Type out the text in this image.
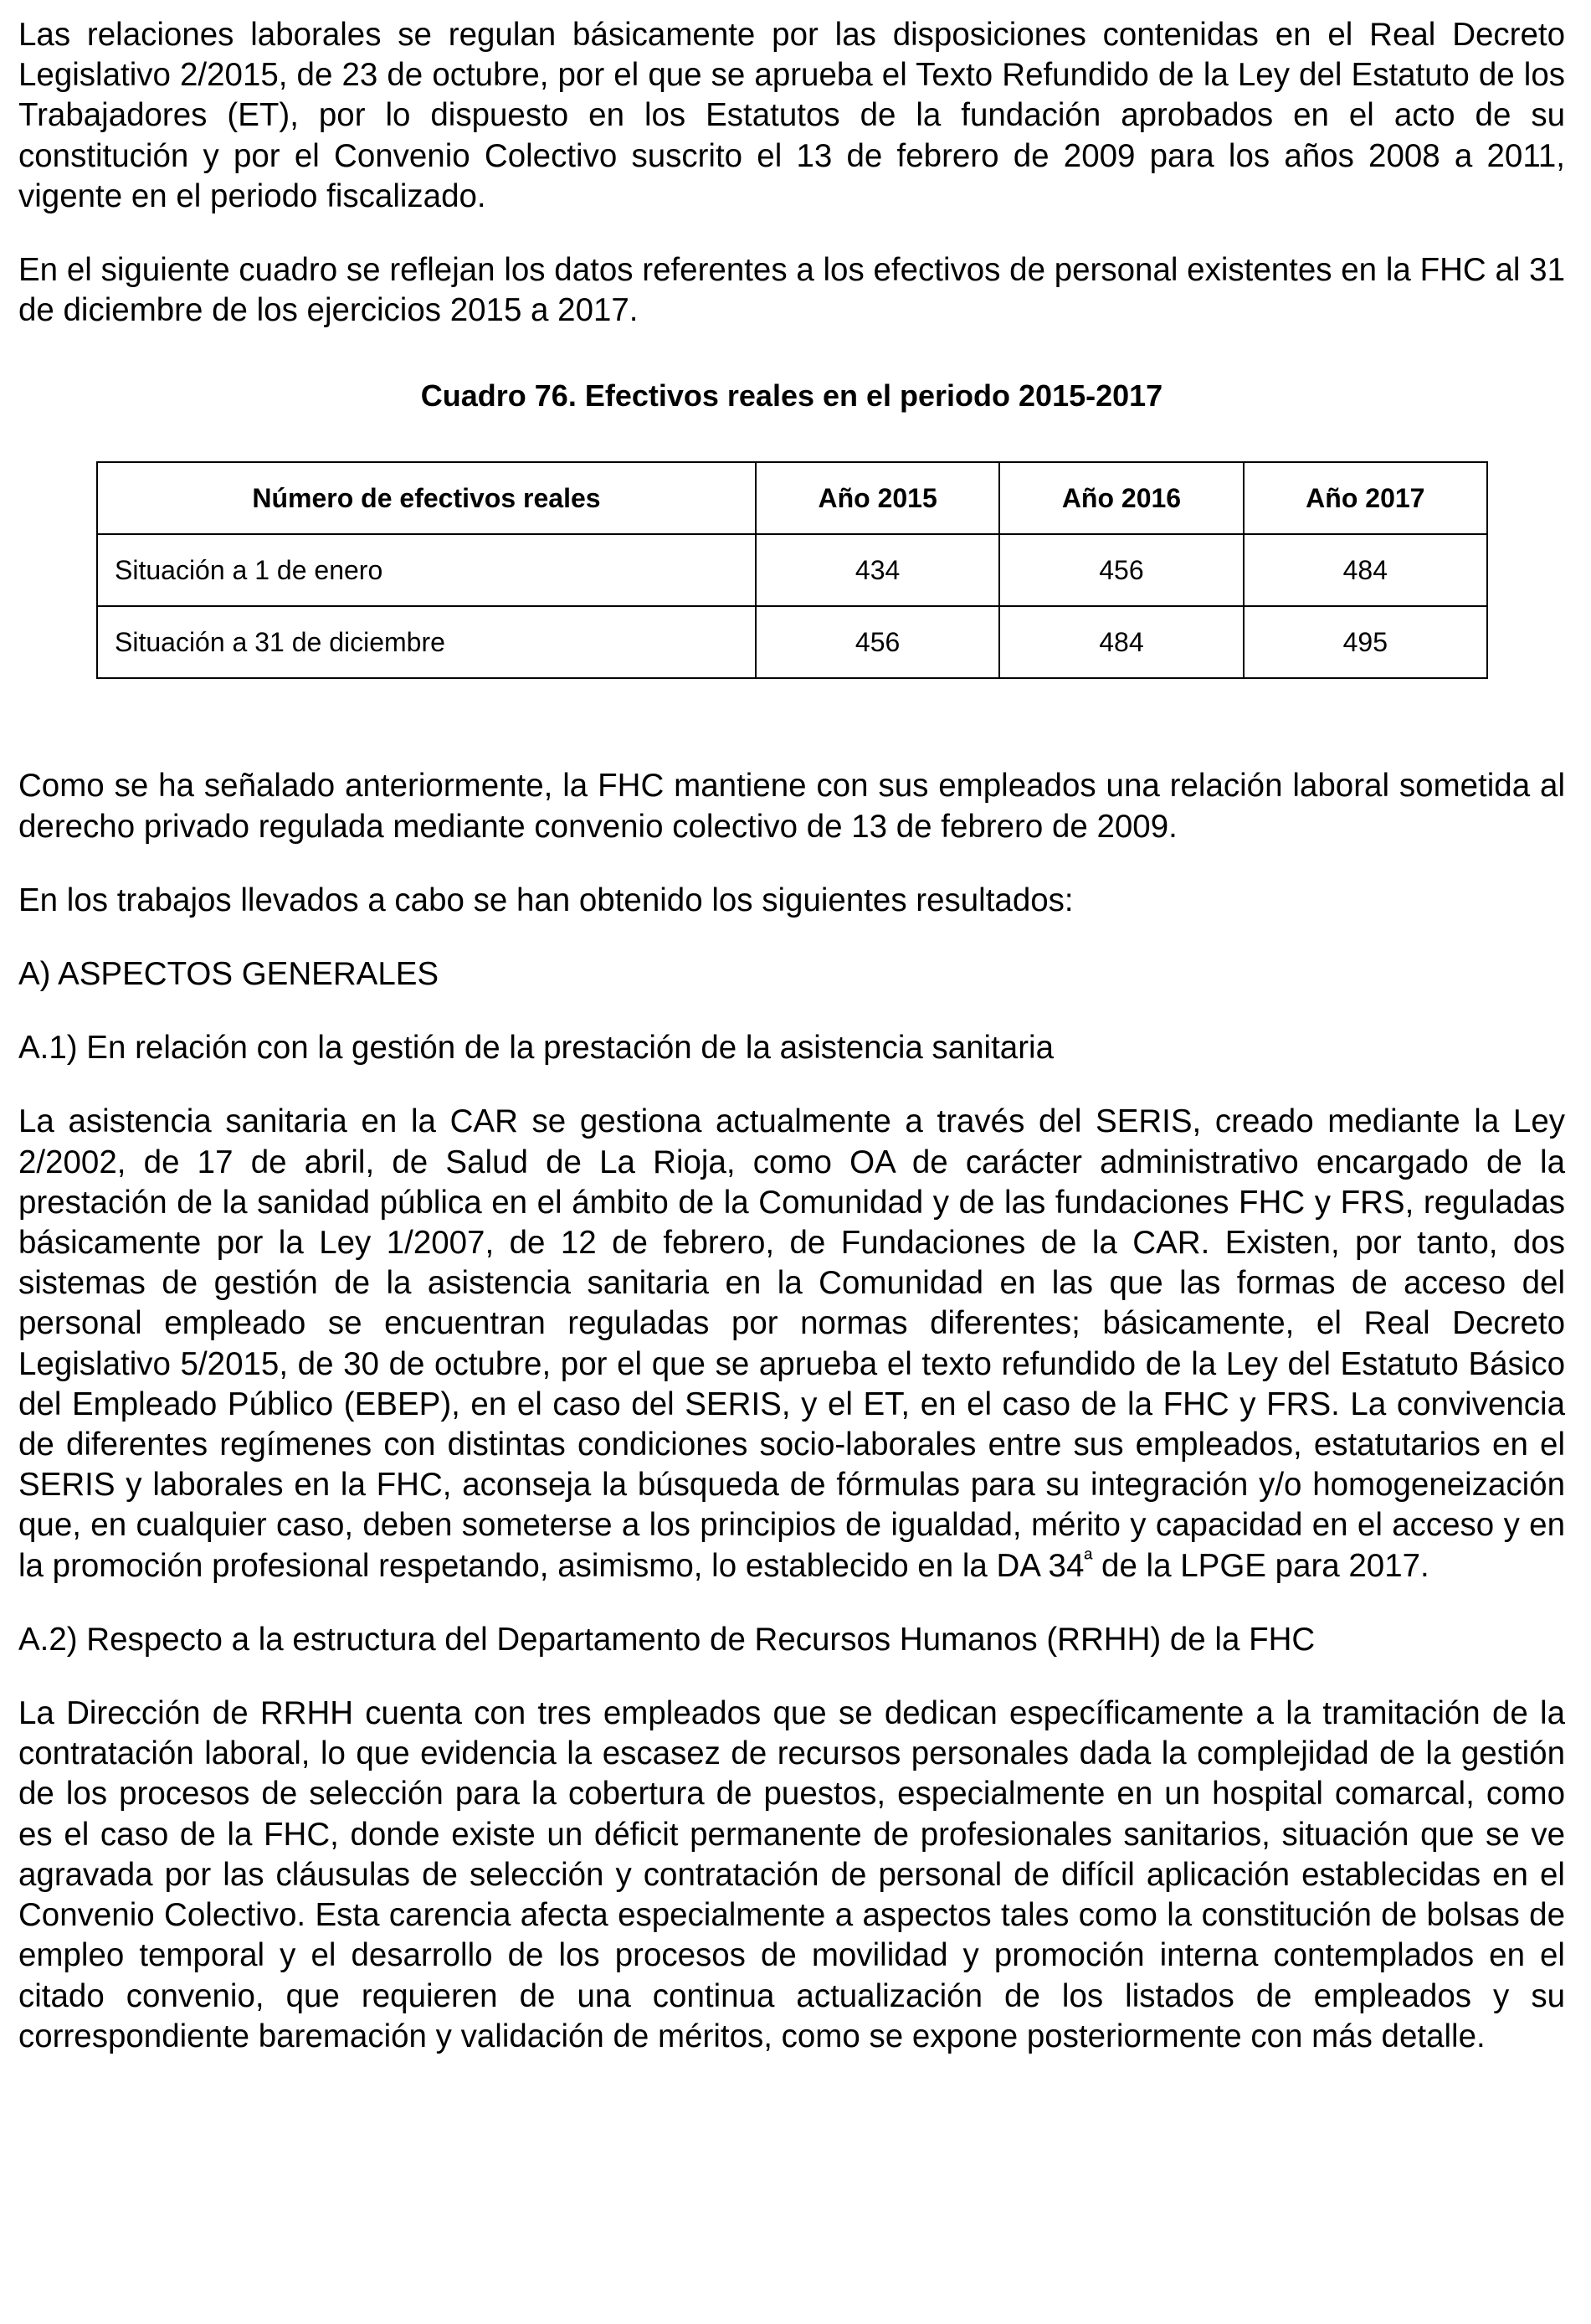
Las relaciones laborales se regulan básicamente por las disposiciones contenidas en el Real Decreto Legislativo 2/2015, de 23 de octubre, por el que se aprueba el Texto Refundido de la Ley del Estatuto de los Trabajadores (ET), por lo dispuesto en los Estatutos de la fundación aprobados en el acto de su constitución y por el Convenio Colectivo suscrito el 13 de febrero de 2009 para los años 2008 a 2011, vigente en el periodo fiscalizado.

En el siguiente cuadro se reflejan los datos referentes a los efectivos de personal existentes en la FHC al 31 de diciembre de los ejercicios 2015 a 2017.

Cuadro 76. Efectivos reales en el periodo 2015-2017
Número de efectivos reales	Año 2015	Año 2016	Año 2017
Situación a 1 de enero	434	456	484
Situación a 31 de diciembre	456	484	495

Como se ha señalado anteriormente, la FHC mantiene con sus empleados una relación laboral sometida al derecho privado regulada mediante convenio colectivo de 13 de febrero de 2009.

En los trabajos llevados a cabo se han obtenido los siguientes resultados:

A) ASPECTOS GENERALES

A.1) En relación con la gestión de la prestación de la asistencia sanitaria

La asistencia sanitaria en la CAR se gestiona actualmente a través del SERIS, creado mediante la Ley 2/2002, de 17 de abril, de Salud de La Rioja, como OA de carácter administrativo encargado de la prestación de la sanidad pública en el ámbito de la Comunidad y de las fundaciones FHC y FRS, reguladas básicamente por la Ley 1/2007, de 12 de febrero, de Fundaciones de la CAR. Existen, por tanto, dos sistemas de gestión de la asistencia sanitaria en la Comunidad en las que las formas de acceso del personal empleado se encuentran reguladas por normas diferentes; básicamente, el Real Decreto Legislativo 5/2015, de 30 de octubre, por el que se aprueba el texto refundido de la Ley del Estatuto Básico del Empleado Público (EBEP), en el caso del SERIS, y el ET, en el caso de la FHC y FRS. La convivencia de diferentes regímenes con distintas condiciones socio-laborales entre sus empleados, estatutarios en el SERIS y laborales en la FHC, aconseja la búsqueda de fórmulas para su integración y/o homogeneización que, en cualquier caso, deben someterse a los principios de igualdad, mérito y capacidad en el acceso y en la promoción profesional respetando, asimismo, lo establecido en la DA $34^ª$ de la LPGE para 2017.

A.2) Respecto a la estructura del Departamento de Recursos Humanos (RRHH) de la FHC

La Dirección de RRHH cuenta con tres empleados que se dedican específicamente a la tramitación de la contratación laboral, lo que evidencia la escasez de recursos personales dada la complejidad de la gestión de los procesos de selección para la cobertura de puestos, especialmente en un hospital comarcal, como es el caso de la FHC, donde existe un déficit permanente de profesionales sanitarios, situación que se ve agravada por las cláusulas de selección y contratación de personal de difícil aplicación establecidas en el Convenio Colectivo. Esta carencia afecta especialmente a aspectos tales como la constitución de bolsas de empleo temporal y el desarrollo de los procesos de movilidad y promoción interna contemplados en el citado convenio, que requieren de una continua actualización de los listados de empleados y su correspondiente baremación y validación de méritos, como se expone posteriormente con más detalle.
